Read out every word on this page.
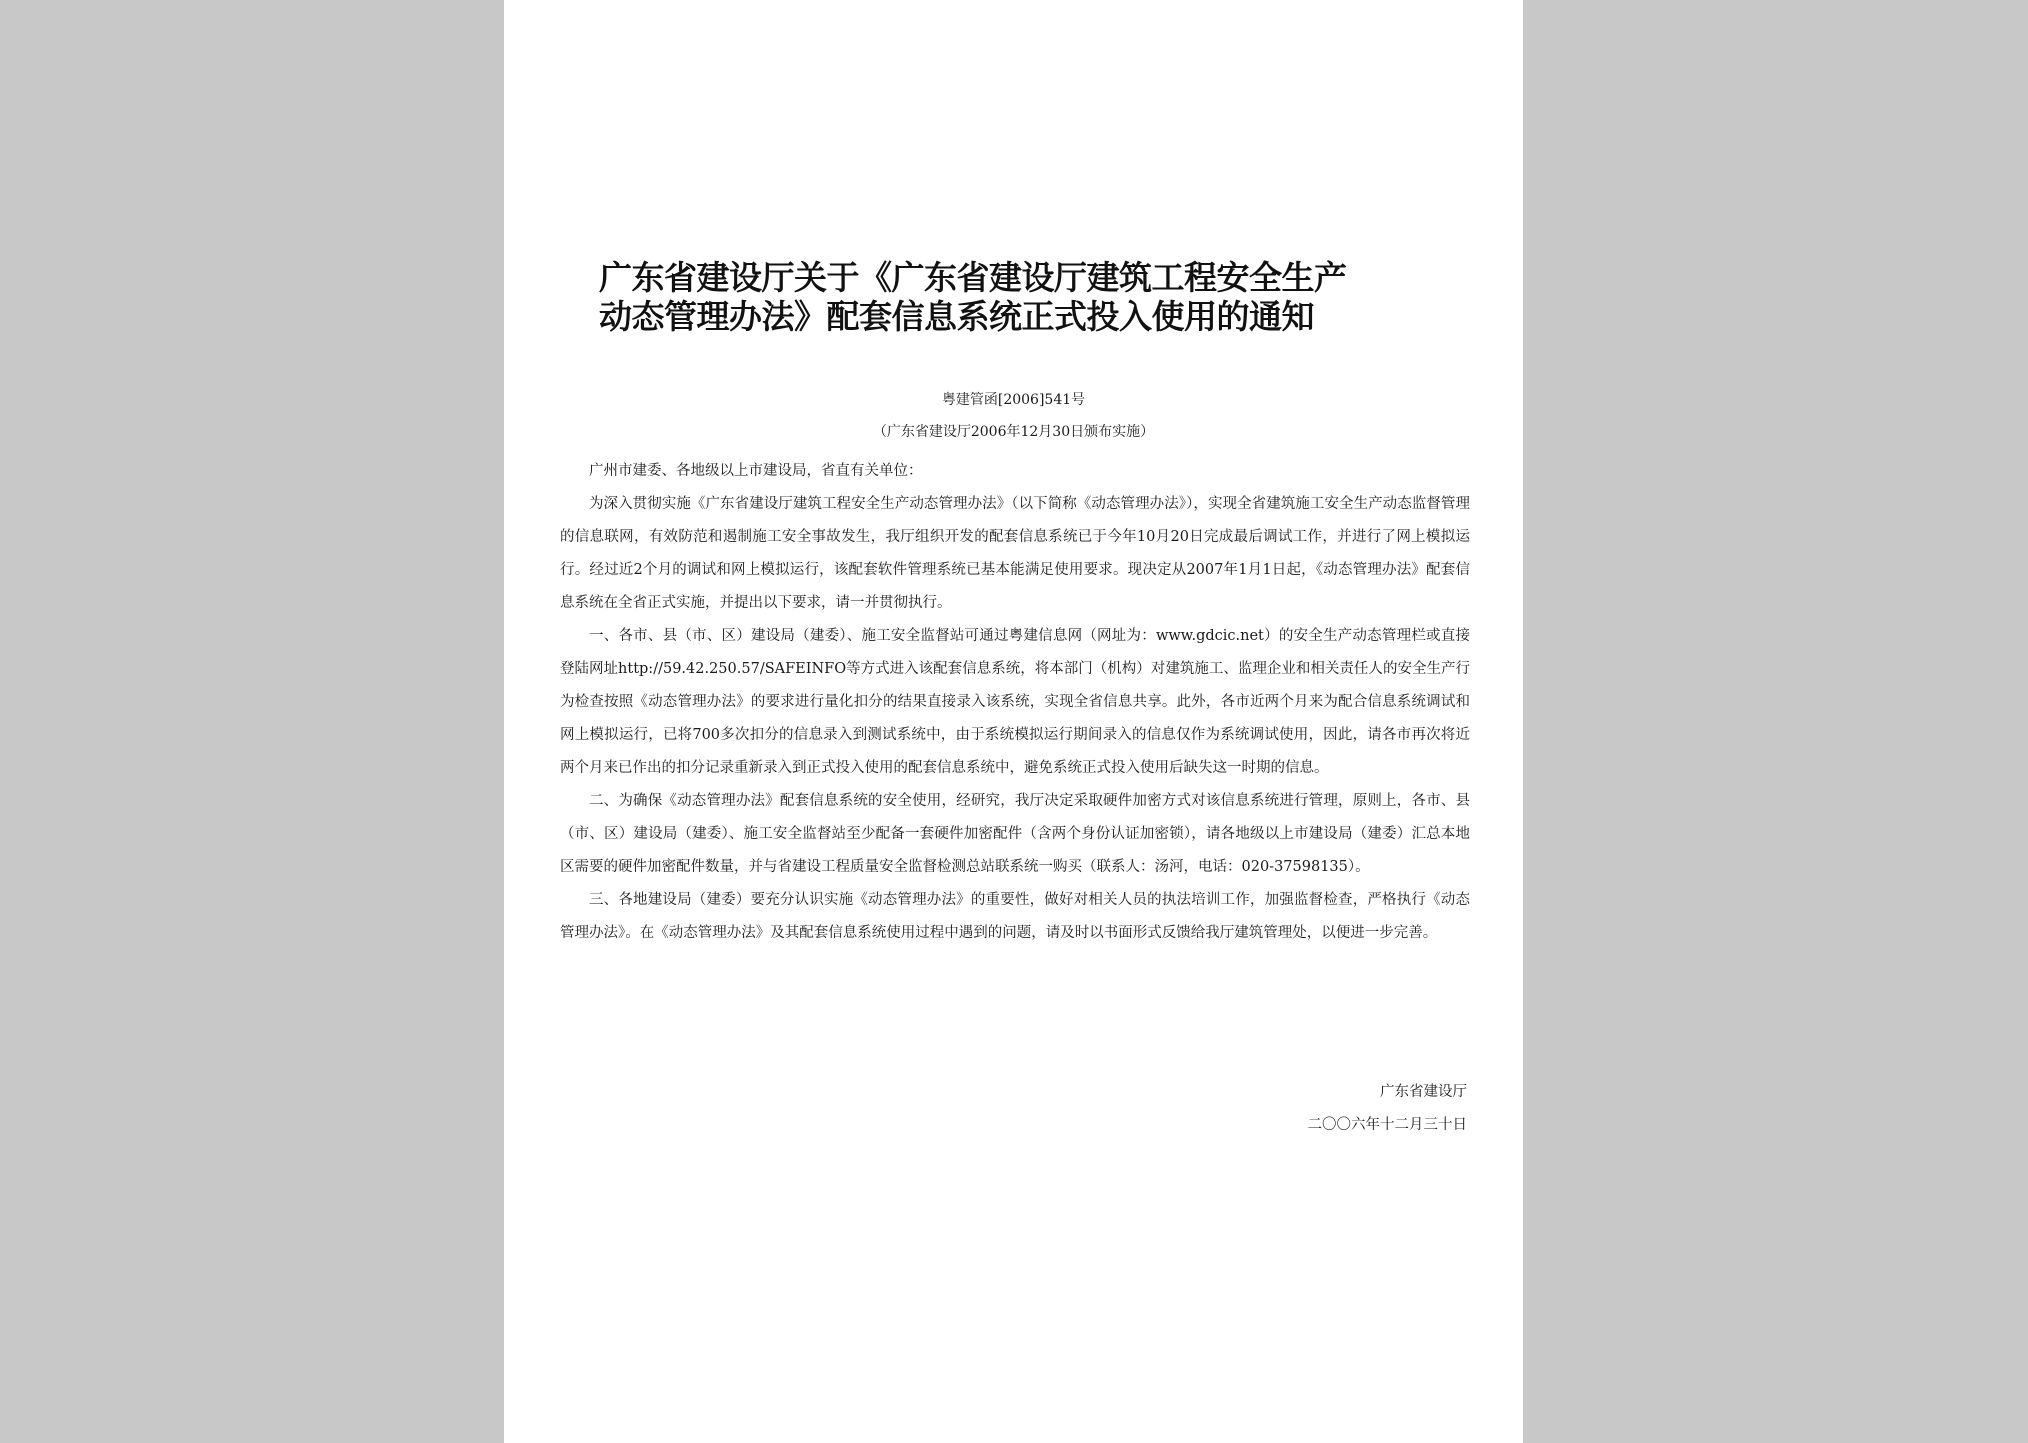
广东省建设厅关于《广东省建设厅建筑工程安全生产
动态管理办法》配套信息系统正式投入使用的通知

粤建管函[2006]541号

（广东省建设厅2006年12月30日颁布实施）

广州市建委、各地级以上市建设局，省直有关单位：

为深入贯彻实施《广东省建设厅建筑工程安全生产动态管理办法》（以下简称《动态管理办法》），实现全省建筑施工安全生产动态监督管理的信息联网，有效防范和遏制施工安全事故发生，我厅组织开发的配套信息系统已于今年10月20日完成最后调试工作，并进行了网上模拟运行。经过近2个月的调试和网上模拟运行，该配套软件管理系统已基本能满足使用要求。现决定从2007年1月1日起，《动态管理办法》配套信息系统在全省正式实施，并提出以下要求，请一并贯彻执行。

一、各市、县（市、区）建设局（建委）、施工安全监督站可通过粤建信息网（网址为：www.gdcic.net）的安全生产动态管理栏或直接登陆网址http://59.42.250.57/SAFEINFO等方式进入该配套信息系统，将本部门（机构）对建筑施工、监理企业和相关责任人的安全生产行为检查按照《动态管理办法》的要求进行量化扣分的结果直接录入该系统，实现全省信息共享。此外，各市近两个月来为配合信息系统调试和网上模拟运行，已将700多次扣分的信息录入到测试系统中，由于系统模拟运行期间录入的信息仅作为系统调试使用，因此，请各市再次将近两个月来已作出的扣分记录重新录入到正式投入使用的配套信息系统中，避免系统正式投入使用后缺失这一时期的信息。

二、为确保《动态管理办法》配套信息系统的安全使用，经研究，我厅决定采取硬件加密方式对该信息系统进行管理，原则上，各市、县（市、区）建设局（建委）、施工安全监督站至少配备一套硬件加密配件（含两个身份认证加密锁），请各地级以上市建设局（建委）汇总本地区需要的硬件加密配件数量，并与省建设工程质量安全监督检测总站联系统一购买（联系人：汤河，电话：020-37598135）。

三、各地建设局（建委）要充分认识实施《动态管理办法》的重要性，做好对相关人员的执法培训工作，加强监督检查，严格执行《动态管理办法》。在《动态管理办法》及其配套信息系统使用过程中遇到的问题，请及时以书面形式反馈给我厅建筑管理处，以便进一步完善。

广东省建设厅
二〇〇六年十二月三十日
